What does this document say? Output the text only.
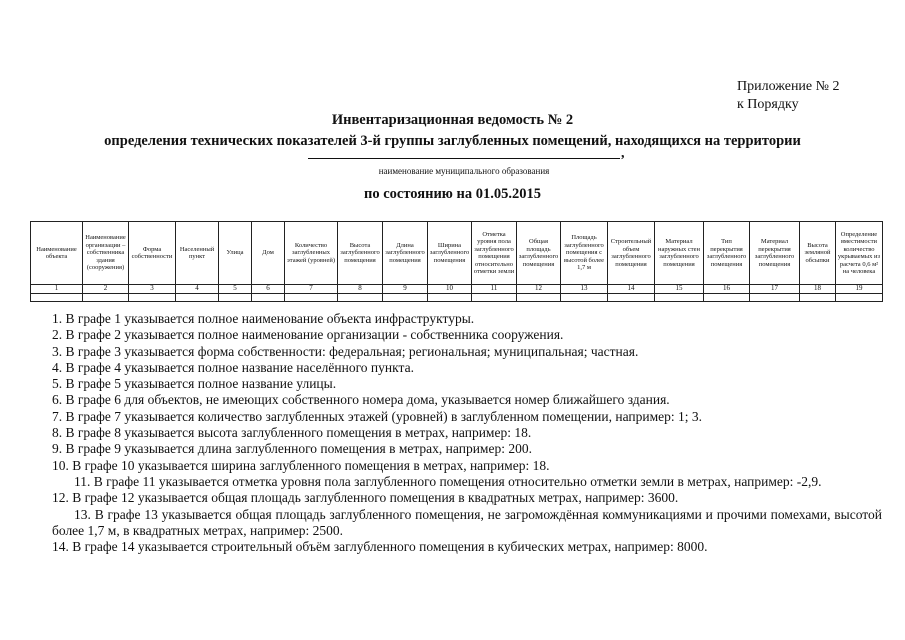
Приложение № 2
к Порядку
Инвентаризационная ведомость № 2
определения технических показателей 3-й группы заглубленных помещений, находящихся на территории
,
наименование муниципального образования
по состоянию на 01.05.2015
Наименование объекта	Наименование организации – собственника здания (сооружения)	Форма собственности	Населенный пункт	Улица	Дом	Количество заглубленных этажей (уровней)	Высота заглубленного помещения	Длина заглубленного помещения	Ширина заглубленного помещения	Отметка уровня пола заглубленного помещения относительно отметки земли	Общая площадь заглубленного помещения	Площадь заглубленного помещения с высотой более 1,7 м	Строительный объем заглубленного помещения	Материал наружных стен заглубленного помещения	Тип перекрытия заглубленного помещения	Материал перекрытия заглубленного помещения	Высота земляной обсыпки	Определение вместимости количество укрываемых из расчета 0,6 м² на человека
1	2	3	4	5	6	7	8	9	10	11	12	13	14	15	16	17	18	19

1. В графе 1 указывается полное наименование объекта инфраструктуры.

2. В графе 2 указывается полное наименование организации - собственника сооружения.

3. В графе 3 указывается форма собственности: федеральная; региональная; муниципальная; частная.

4. В графе 4 указывается полное название населённого пункта.

5. В графе 5 указывается полное название улицы.

6. В графе 6 для объектов, не имеющих собственного номера дома, указывается номер ближайшего здания.

7. В графе 7 указывается количество заглубленных этажей (уровней) в заглубленном помещении, например: 1; 3.

8. В графе 8 указывается высота заглубленного помещения в метрах, например: 18.

9. В графе 9 указывается длина заглубленного помещения в метрах, например: 200.

10. В графе 10 указывается ширина заглубленного помещения в метрах, например: 18.

11. В графе 11 указывается отметка уровня пола заглубленного помещения относительно отметки земли в метрах, например: -2,9.

12. В графе 12 указывается общая площадь заглубленного помещения в квадратных метрах, например: 3600.

13. В графе 13 указывается общая площадь заглубленного помещения, не загромождённая коммуникациями и прочими помехами, высотой более 1,7 м, в квадратных метрах, например: 2500.

14. В графе 14 указывается строительный объём заглубленного помещения в кубических метрах, например: 8000.
